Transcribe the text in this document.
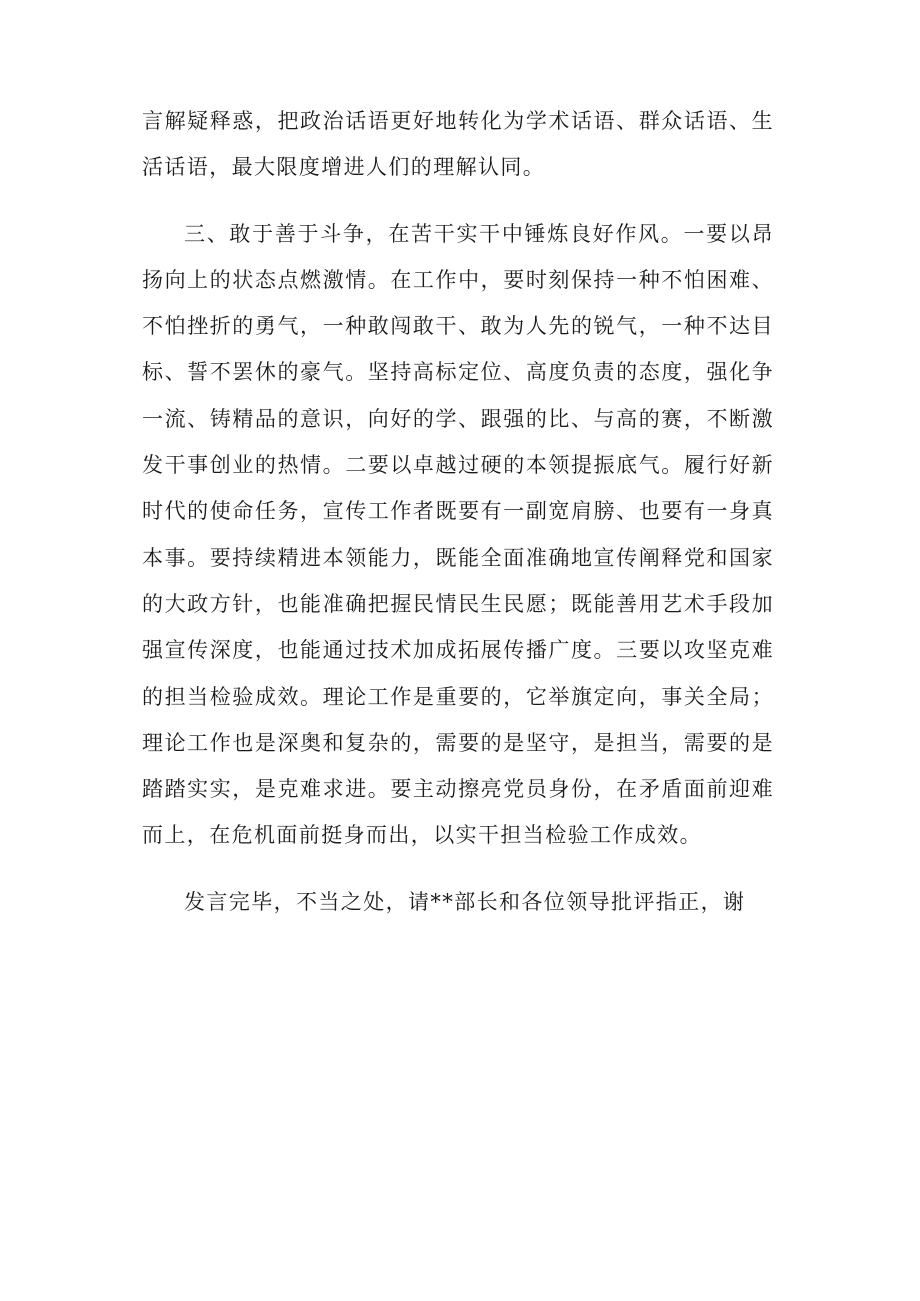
言解疑释惑，把政治话语更好地转化为学术话语、群众话语、生活话语，最大限度增进人们的理解认同。

三、敢于善于斗争，在苦干实干中锤炼良好作风。一要以昂扬向上的状态点燃激情。在工作中，要时刻保持一种不怕困难、不怕挫折的勇气，一种敢闯敢干、敢为人先的锐气，一种不达目标、誓不罢休的豪气。坚持高标定位、高度负责的态度，强化争一流、铸精品的意识，向好的学、跟强的比、与高的赛，不断激发干事创业的热情。二要以卓越过硬的本领提振底气。履行好新时代的使命任务，宣传工作者既要有一副宽肩膀、也要有一身真本事。要持续精进本领能力，既能全面准确地宣传阐释党和国家的大政方针，也能准确把握民情民生民愿；既能善用艺术手段加强宣传深度，也能通过技术加成拓展传播广度。三要以攻坚克难的担当检验成效。理论工作是重要的，它举旗定向，事关全局；理论工作也是深奥和复杂的，需要的是坚守，是担当，需要的是踏踏实实，是克难求进。要主动擦亮党员身份，在矛盾面前迎难而上，在危机面前挺身而出，以实干担当检验工作成效。

发言完毕，不当之处，请**部长和各位领导批评指正，谢
